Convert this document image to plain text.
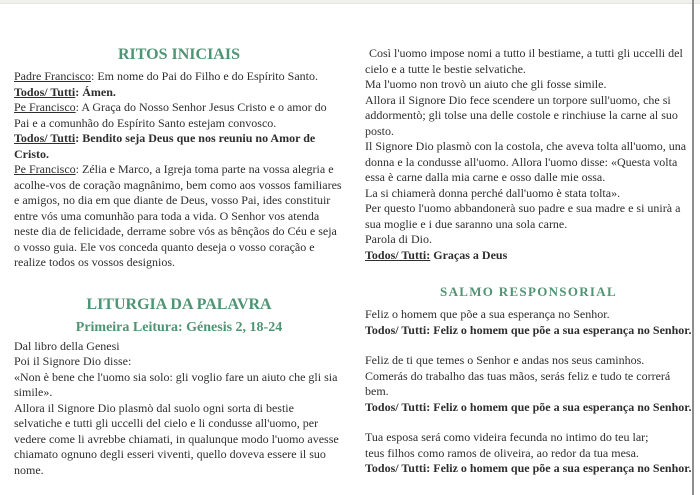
RITOS INICIAIS

Padre Francisco: Em nome do Pai do Filho e do Espírito Santo.

Todos/ Tutti: Ámen.

Pe Francisco: A Graça do Nosso Senhor Jesus Cristo e o amor do Pai e a comunhão do Espírito Santo estejam convosco.

Todos/ Tutti: Bendito seja Deus que nos reuniu no Amor de Cristo.

Pe Francisco: Zélia e Marco, a Igreja toma parte na vossa alegria e acolhe-vos de coração magnânimo, bem como aos vossos familiares e amigos, no dia em que diante de Deus, vosso Pai, ides constituir entre vós uma comunhão para toda a vida. O Senhor vos atenda neste dia de felicidade, derrame sobre vós as bênçãos do Céu e seja o vosso guia. Ele vos conceda quanto deseja o vosso coração e realize todos os vossos designios.

LITURGIA DA PALAVRA
Primeira Leitura: Génesis 2, 18-24

Dal libro della Genesi

Poi il Signore Dio disse:

«Non è bene che l'uomo sia solo: gli voglio fare un aiuto che gli sia simile».

Allora il Signore Dio plasmò dal suolo ogni sorta di bestie selvatiche e tutti gli uccelli del cielo e li condusse all'uomo, per vedere come li avrebbe chiamati, in qualunque modo l'uomo avesse chiamato ognuno degli esseri viventi, quello doveva essere il suo nome.

Così l'uomo impose nomi a tutto il bestiame, a tutti gli uccelli del cielo e a tutte le bestie selvatiche.

Ma l'uomo non trovò un aiuto che gli fosse simile.

Allora il Signore Dio fece scendere un torpore sull'uomo, che si addormentò; gli tolse una delle costole e rinchiuse la carne al suo posto.

Il Signore Dio plasmò con la costola, che aveva tolta all'uomo, una donna e la condusse all'uomo. Allora l'uomo disse: «Questa volta essa è carne dalla mia carne e osso dalle mie ossa.

La si chiamerà donna perché dall'uomo è stata tolta».

Per questo l'uomo abbandonerà suo padre e sua madre e si unirà a sua moglie e i due saranno una sola carne.

Parola di Dio.

Todos/ Tutti: Graças a Deus

SALMO RESPONSORIAL

Feliz o homem que põe a sua esperança no Senhor.

Todos/ Tutti: Feliz o homem que põe a sua esperança no Senhor.

Feliz de ti que temes o Senhor e andas nos seus caminhos.

Comerás do trabalho das tuas mãos, serás feliz e tudo te correrá bem.

Todos/ Tutti: Feliz o homem que põe a sua esperança no Senhor.

Tua esposa será como videira fecunda no intimo do teu lar;

teus filhos como ramos de oliveira, ao redor da tua mesa.

Todos/ Tutti: Feliz o homem que põe a sua esperança no Senhor.
